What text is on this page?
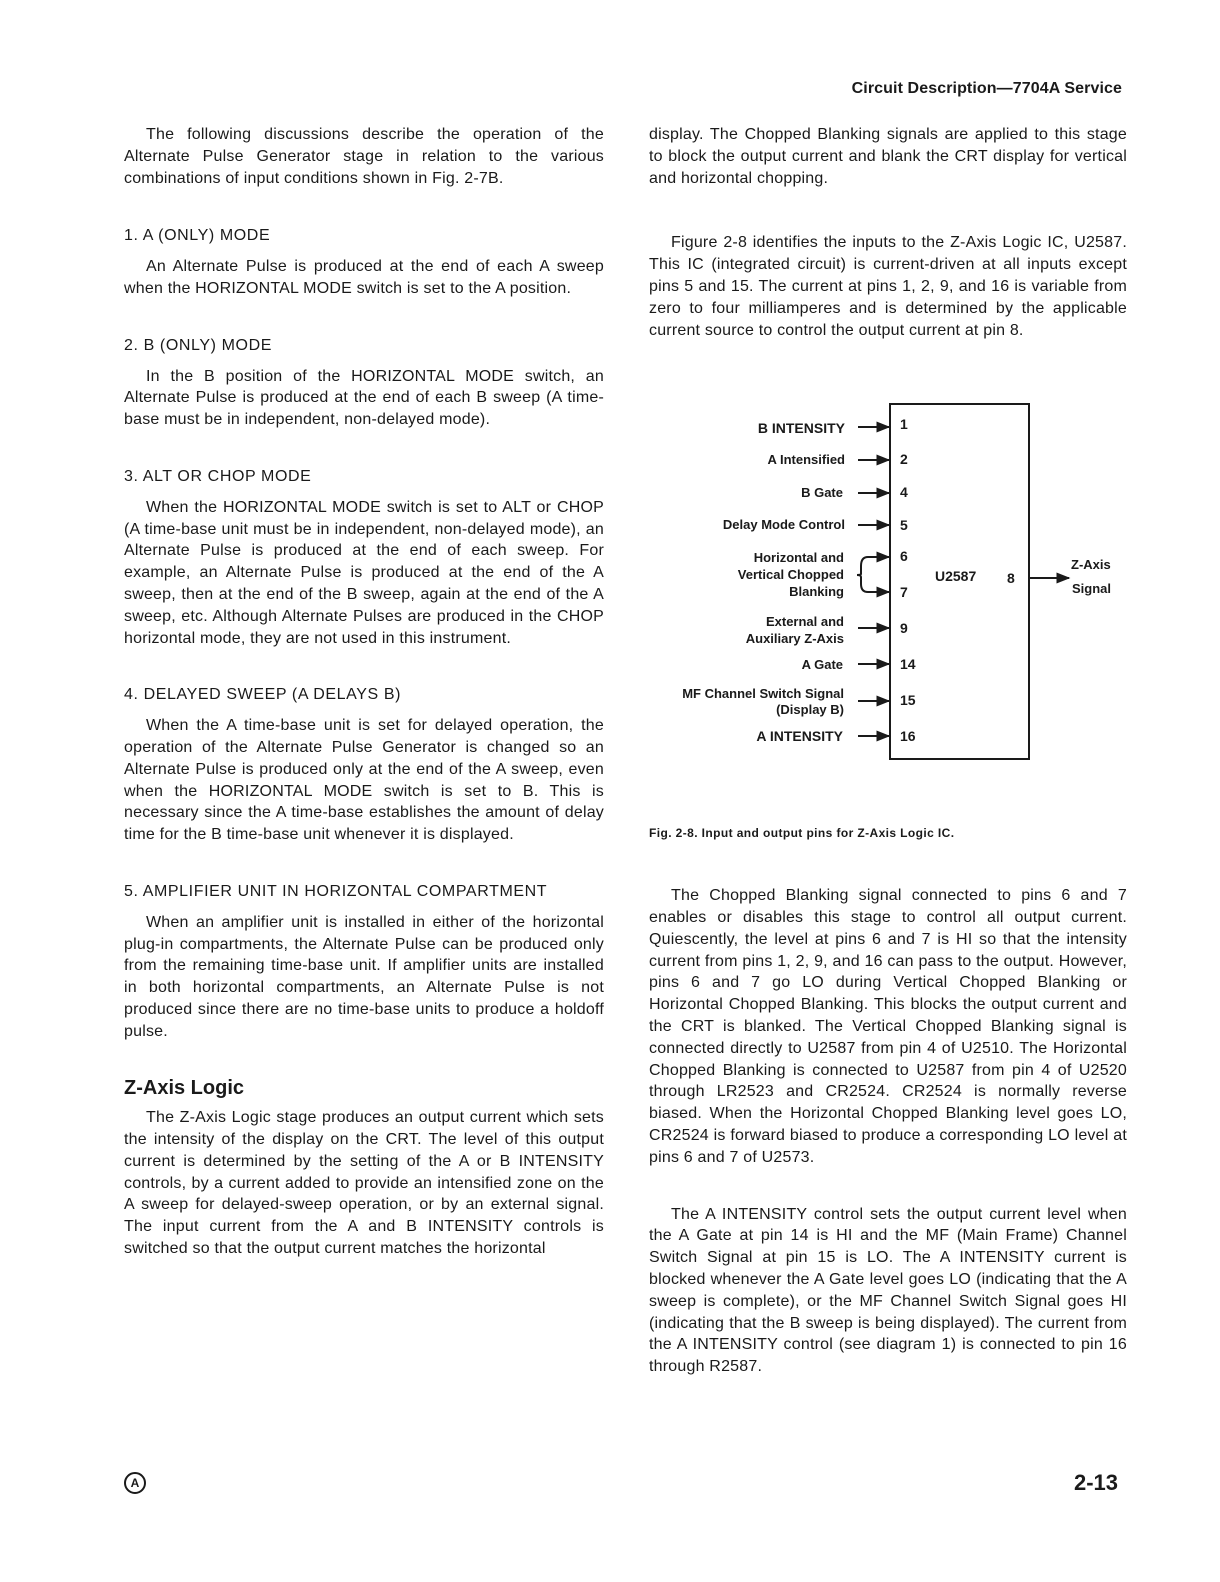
Circuit Description—7704A Service

The following discussions describe the operation of the Alternate Pulse Generator stage in relation to the various combinations of input conditions shown in Fig. 2-7B.

1. A (ONLY) MODE

An Alternate Pulse is produced at the end of each A sweep when the HORIZONTAL MODE switch is set to the A position.

2. B (ONLY) MODE

In the B position of the HORIZONTAL MODE switch, an Alternate Pulse is produced at the end of each B sweep (A time-base must be in independent, non-delayed mode).

3. ALT OR CHOP MODE

When the HORIZONTAL MODE switch is set to ALT or CHOP (A time-base unit must be in independent, non-delayed mode), an Alternate Pulse is produced at the end of each sweep. For example, an Alternate Pulse is produced at the end of the A sweep, then at the end of the B sweep, again at the end of the A sweep, etc. Although Alternate Pulses are produced in the CHOP horizontal mode, they are not used in this instrument.

4. DELAYED SWEEP (A DELAYS B)

When the A time-base unit is set for delayed operation, the operation of the Alternate Pulse Generator is changed so an Alternate Pulse is produced only at the end of the A sweep, even when the HORIZONTAL MODE switch is set to B. This is necessary since the A time-base establishes the amount of delay time for the B time-base unit whenever it is displayed.

5. AMPLIFIER UNIT IN HORIZONTAL COMPARTMENT

When an amplifier unit is installed in either of the horizontal plug-in compartments, the Alternate Pulse can be produced only from the remaining time-base unit. If amplifier units are installed in both horizontal compartments, an Alternate Pulse is not produced since there are no time-base units to produce a holdoff pulse.

Z-Axis Logic

The Z-Axis Logic stage produces an output current which sets the intensity of the display on the CRT. The level of this output current is determined by the setting of the A or B INTENSITY controls, by a current added to provide an intensified zone on the A sweep for delayed-sweep operation, or by an external signal. The input current from the A and B INTENSITY controls is switched so that the output current matches the horizontal

display. The Chopped Blanking signals are applied to this stage to block the output current and blank the CRT display for vertical and horizontal chopping.

Figure 2-8 identifies the inputs to the Z-Axis Logic IC, U2587. This IC (integrated circuit) is current-driven at all inputs except pins 5 and 15. The current at pins 1, 2, 9, and 16 is variable from zero to four milliamperes and is determined by the applicable current source to control the output current at pin 8.

U2587
B INTENSITY
A Intensified
B Gate
Delay Mode Control
Horizontal and
Vertical Chopped
Blanking
External and
Auxiliary Z-Axis
A Gate
MF Channel Switch Signal
(Display B)
A INTENSITY
1
2
4
5
6
7
9
14
15
16
8
Z-Axis
Signal
Fig. 2-8. Input and output pins for Z-Axis Logic IC.

The Chopped Blanking signal connected to pins 6 and 7 enables or disables this stage to control all output current. Quiescently, the level at pins 6 and 7 is HI so that the intensity current from pins 1, 2, 9, and 16 can pass to the output. However, pins 6 and 7 go LO during Vertical Chopped Blanking or Horizontal Chopped Blanking. This blocks the output current and the CRT is blanked. The Vertical Chopped Blanking signal is connected directly to U2587 from pin 4 of U2510. The Horizontal Chopped Blanking is connected to U2587 from pin 4 of U2520 through LR2523 and CR2524. CR2524 is normally reverse biased. When the Horizontal Chopped Blanking level goes LO, CR2524 is forward biased to produce a corresponding LO level at pins 6 and 7 of U2573.

The A INTENSITY control sets the output current level when the A Gate at pin 14 is HI and the MF (Main Frame) Channel Switch Signal at pin 15 is LO. The A INTENSITY current is blocked whenever the A Gate level goes LO (indicating that the A sweep is complete), or the MF Channel Switch Signal goes HI (indicating that the B sweep is being displayed). The current from the A INTENSITY control (see diagram 1) is connected to pin 16 through R2587.

A	2-13
